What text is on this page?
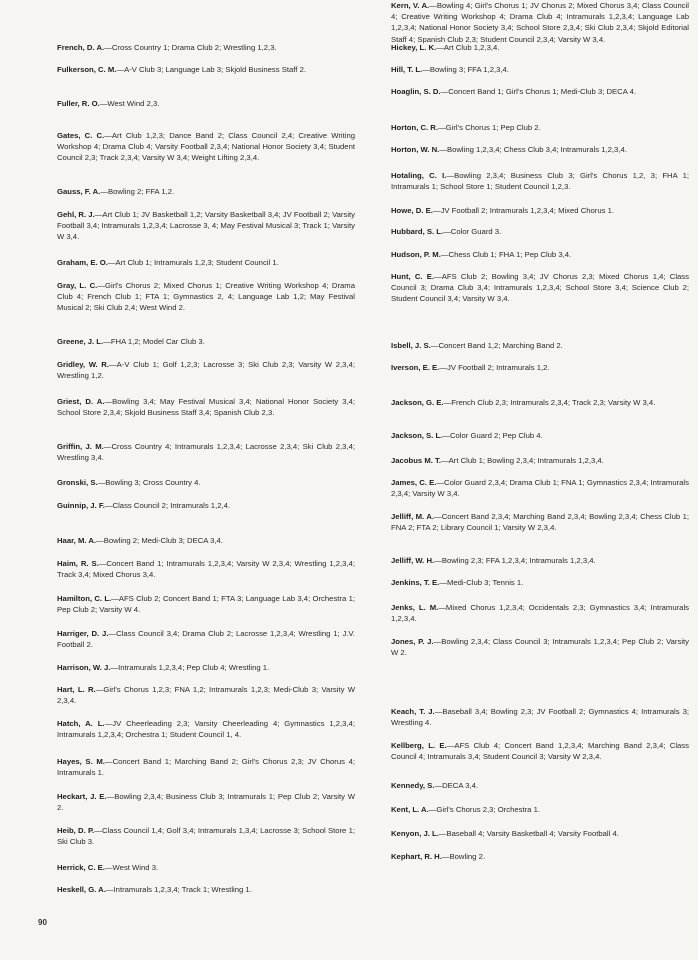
French, D. A.—Cross Country 1; Drama Club 2; Wrestling 1,2,3.

Fulkerson, C. M.—A-V Club 3; Language Lab 3; Skjold Business Staff 2.

Fuller, R. O.—West Wind 2,3.

Gates, C. C.—Art Club 1,2,3; Dance Band 2; Class Council 2,4; Creative Writing Workshop 4; Drama Club 4; Varsity Football 2,3,4; National Honor Society 3,4; Student Council 2,3; Track 2,3,4; Varsity W 3,4; Weight Lifting 2,3,4.

Gauss, F. A.—Bowling 2; FFA 1,2.

Gehl, R. J.—Art Club 1; JV Basketball 1,2; Varsity Basketball 3,4; JV Football 2; Varsity Football 3,4; Intramurals 1,2,3,4; Lacrosse 3, 4; May Festival Musical 3; Track 1; Varsity W 3,4.

Graham, E. O.—Art Club 1; Intramurals 1,2,3; Student Council 1.

Gray, L. C.—Girl's Chorus 2; Mixed Chorus 1; Creative Writing Workshop 4; Drama Club 4; French Club 1; FTA 1; Gymnastics 2, 4; Language Lab 1,2; May Festival Musical 2; Ski Club 2,4; West Wind 2.

Greene, J. L.—FHA 1,2; Model Car Club 3.

Gridley, W. R.—A-V Club 1; Golf 1,2,3; Lacrosse 3; Ski Club 2,3; Varsity W 2,3,4; Wrestling 1,2.

Griest, D. A.—Bowling 3,4; May Festival Musical 3,4; National Honor Society 3,4; School Store 2,3,4; Skjold Business Staff 3,4; Spanish Club 2,3.

Griffin, J. M.—Cross Country 4; Intramurals 1,2,3,4; Lacrosse 2,3,4; Ski Club 2,3,4; Wrestling 3,4.

Gronski, S.—Bowling 3; Cross Country 4.

Guinnip, J. F.—Class Council 2; Intramurals 1,2,4.

Haar, M. A.—Bowling 2; Medi-Club 3; DECA 3,4.

Haim, R. S.—Concert Band 1; Intramurals 1,2,3,4; Varsity W 2,3,4; Wrestling 1,2,3,4; Track 3,4; Mixed Chorus 3,4.

Hamilton, C. L.—AFS Club 2; Concert Band 1; FTA 3; Language Lab 3,4; Orchestra 1; Pep Club 2; Varsity W 4.

Harriger, D. J.—Class Council 3,4; Drama Club 2; Lacrosse 1,2,3,4; Wrestling 1; J.V. Football 2.

Harrison, W. J.—Intramurals 1,2,3,4; Pep Club 4; Wrestling 1.

Hart, L. R.—Girl's Chorus 1,2,3; FNA 1,2; Intramurals 1,2,3; Medi-Club 3; Varsity W 2,3,4.

Hatch, A. L.—JV Cheerleading 2,3; Varsity Cheerleading 4; Gymnastics 1,2,3,4; Intramurals 1,2,3,4; Orchestra 1; Student Council 1, 4.

Hayes, S. M.—Concert Band 1; Marching Band 2; Girl's Chorus 2,3; JV Chorus 4; Intramurals 1.

Heckart, J. E.—Bowling 2,3,4; Business Club 3; Intramurals 1; Pep Club 2; Varsity W 2.

Heib, D. P.—Class Council 1,4; Golf 3,4; Intramurals 1,3,4; Lacrosse 3; School Store 1; Ski Club 3.

Herrick, C. E.—West Wind 3.

Heskell, G. A.—Intramurals 1,2,3,4; Track 1; Wrestling 1.

Hickey, L. K.—Art Club 1,2,3,4.

Hill, T. L.—Bowling 3; FFA 1,2,3,4.

Hoaglin, S. D.—Concert Band 1; Girl's Chorus 1; Medi-Club 3; DECA 4.

Horton, C. R.—Girl's Chorus 1; Pep Club 2.

Horton, W. N.—Bowling 1,2,3,4; Chess Club 3,4; Intramurals 1,2,3,4.

Hotaling, C. I.—Bowling 2,3,4; Business Club 3; Girl's Chorus 1,2, 3; FHA 1; Intramurals 1; School Store 1; Student Council 1,2,3.

Howe, D. E.—JV Football 2; Intramurals 1,2,3,4; Mixed Chorus 1.

Hubbard, S. L.—Color Guard 3.

Hudson, P. M.—Chess Club 1; FHA 1; Pep Club 3,4.

Hunt, C. E.—AFS Club 2; Bowling 3,4; JV Chorus 2,3; Mixed Chorus 1,4; Class Council 3; Drama Club 3,4; Intramurals 1,2,3,4; School Store 3,4; Science Club 2; Student Council 3,4; Varsity W 3,4.

Isbell, J. S.—Concert Band 1,2; Marching Band 2.

Iverson, E. E.—JV Football 2; Intramurals 1,2.

Jackson, G. E.—French Club 2,3; Intramurals 2,3,4; Track 2,3; Varsity W 3,4.

Jackson, S. L.—Color Guard 2; Pep Club 4.

Jacobus M. T.—Art Club 1; Bowling 2,3,4; Intramurals 1,2,3,4.

James, C. E.—Color Guard 2,3,4; Drama Club 1; FNA 1; Gymnastics 2,3,4; Intramurals 2,3,4; Varsity W 3,4.

Jelliff, M. A.—Concert Band 2,3,4; Marching Band 2,3,4; Bowling 2,3,4; Chess Club 1; FNA 2; FTA 2; Library Council 1; Varsity W 2,3,4.

Jelliff, W. H.—Bowling 2,3; FFA 1,2,3,4; Intramurals 1,2,3,4.

Jenkins, T. E.—Medi-Club 3; Tennis 1.

Jenks, L. M.—Mixed Chorus 1,2,3,4; Occidentals 2,3; Gymnastics 3,4; Intramurals 1,2,3,4.

Jones, P. J.—Bowling 2,3,4; Class Council 3; Intramurals 1,2,3,4; Pep Club 2; Varsity W 2.

Keach, T. J.—Baseball 3,4; Bowling 2,3; JV Football 2; Gymnastics 4; Intramurals 3; Wrestling 4.

Kellberg, L. E.—AFS Club 4; Concert Band 1,2,3,4; Marching Band 2,3,4; Class Council 4; Intramurals 3,4; Student Council 3; Varsity W 2,3,4.

Kennedy, S.—DECA 3,4.

Kent, L. A.—Girl's Chorus 2,3; Orchestra 1.

Kenyon, J. L.—Baseball 4; Varsity Basketball 4; Varsity Football 4.

Kephart, R. H.—Bowling 2.

Kern, V. A.—Bowling 4; Girl's Chorus 1; JV Chorus 2; Mixed Chorus 3,4; Class Council 4; Creative Writing Workshop 4; Drama Club 4; Intramurals 1,2,3,4; Language Lab 1,2,3,4; National Honor Society 3,4; School Store 2,3,4; Ski Club 2,3,4; Skjold Editorial Staff 4; Spanish Club 2,3; Student Council 2,3,4; Varsity W 3,4.

90
